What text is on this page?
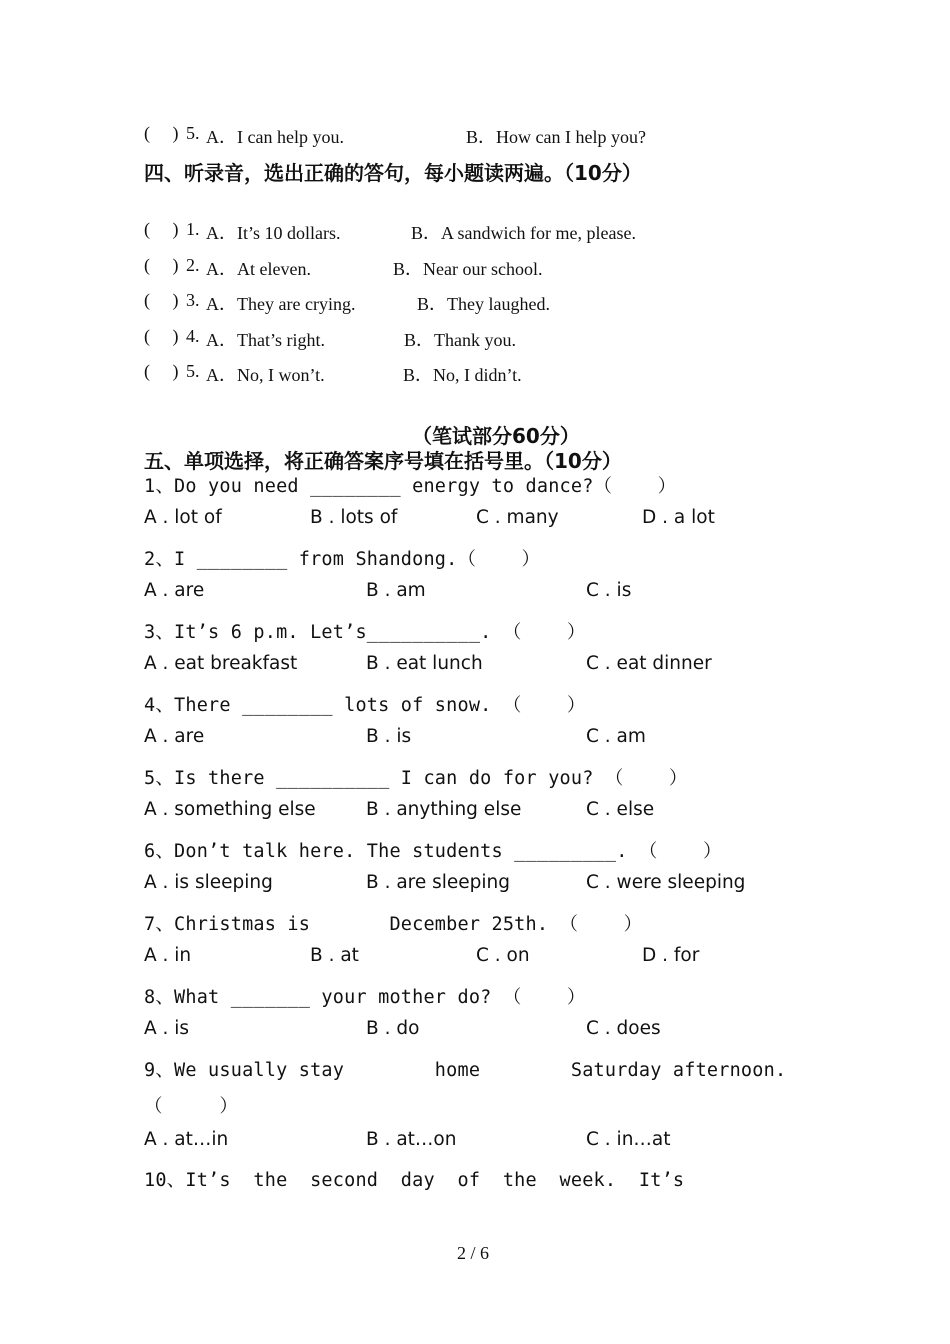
(     ) 5. A．I can help you.	B．How can I help you?
四、听录音，选出正确的答句，每小题读两遍。（10分）
(     ) 1. A．It’s 10 dollars.	B．A sandwich for me, please.
(     ) 2. A．At eleven.	B．Near our school.
(     ) 3. A．They are crying.	B．They laughed.
(     ) 4. A．That’s right.	B．Thank you.
(     ) 5. A．No, I won’t.	B．No, I didn’t.
（笔试部分60分）
五、单项选择，将正确答案序号填在括号里。（10分）
1、Do you need ________ energy to dance?（    ）
A . lot of	B . lots of	C . many	D . a lot
2、I ________ from Shandong.（    ）
A . are	B . am	C . is
3、It’s 6 p.m. Let’s__________. （    ）
A . eat breakfast	B . eat lunch	C . eat dinner
4、There ________ lots of snow. （    ）
A . are	B . is	C . am
5、Is there __________ I can do for you? （    ）
A . something else	B . anything else	C . else
6、Don’t talk here. The students _________. （    ）
A . is sleeping	B . are sleeping	C . were sleeping
7、Christmas is       December 25th. （    ）
A . in	B . at	C . on	D . for
8、What _______ your mother do? （    ）
A . is	B . do	C . does
9、We usually stay        home        Saturday afternoon.
（     ）
A . at…in	B . at…on	C . in…at
10、It’s  the  second  day  of  the  week.  It’s
2 / 6
